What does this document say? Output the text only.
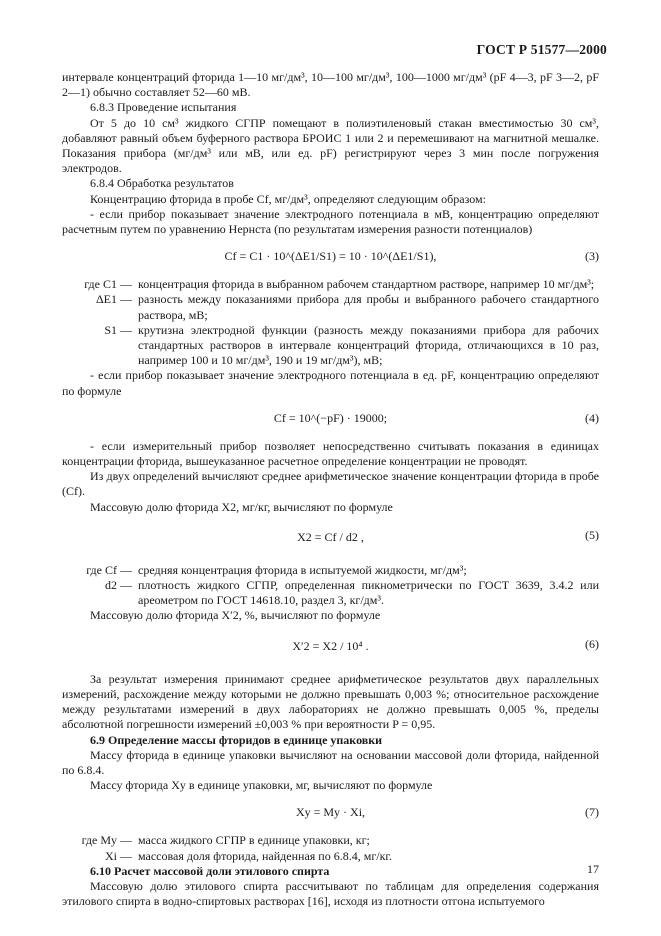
ГОСТ Р 51577—2000

интервале концентраций фторида 1—10 мг/дм³, 10—100 мг/дм³, 100—1000 мг/дм³ (pF 4—3, pF 3—2, pF 2—1) обычно составляет 52—60 мВ.

6.8.3 Проведение испытания

От 5 до 10 см³ жидкого СГПР помещают в полиэтиленовый стакан вместимостью 30 см³, добавляют равный объем буферного раствора БРОИС 1 или 2 и перемешивают на магнитной мешалке. Показания прибора (мг/дм³ или мВ, или ед. pF) регистрируют через 3 мин после погружения электродов.

6.8.4 Обработка результатов

Концентрацию фторида в пробе Cf, мг/дм³, определяют следующим образом:

- если прибор показывает значение электродного потенциала в мВ, концентрацию определяют расчетным путем по уравнению Нернста (по результатам измерения разности потенциалов)

Cf = C1 · 10^(ΔE1/S1) = 10 · 10^(ΔE1/S1),	(3)
где C1 — концентрация фторида в выбранном рабочем стандартном растворе, например 10 мг/дм³;
ΔE1 — разность между показаниями прибора для пробы и выбранного рабочего стандартного раствора, мВ;
S1 — крутизна электродной функции (разность между показаниями прибора для рабочих стандартных растворов в интервале концентраций фторида, отличающихся в 10 раз, например 100 и 10 мг/дм³, 190 и 19 мг/дм³), мВ;

- если прибор показывает значение электродного потенциала в ед. pF, концентрацию определяют по формуле

Cf = 10^(−pF) · 19000;	(4)

- если измерительный прибор позволяет непосредственно считывать показания в единицах концентрации фторида, вышеуказанное расчетное определение концентрации не проводят.

Из двух определений вычисляют среднее арифметическое значение концентрации фторида в пробе (Cf).

Массовую долю фторида X2, мг/кг, вычисляют по формуле

X2 = Cf / d2 ,	(5)
где Cf — средняя концентрация фторида в испытуемой жидкости, мг/дм³;
d2 — плотность жидкого СГПР, определенная пикнометрически по ГОСТ 3639, 3.4.2 или ареометром по ГОСТ 14618.10, раздел 3, кг/дм³.

Массовую долю фторида X′2, %, вычисляют по формуле

X′2 = X2 / 10⁴ .	(6)

За результат измерения принимают среднее арифметическое результатов двух параллельных измерений, расхождение между которыми не должно превышать 0,003 %; относительное расхождение между результатами измерений в двух лабораториях не должно превышать 0,005 %, пределы абсолютной погрешности измерений ±0,003 % при вероятности P = 0,95.

6.9 Определение массы фторидов в единице упаковки

Массу фторида в единице упаковки вычисляют на основании массовой доли фторида, найденной по 6.8.4.

Массу фторида Xy в единице упаковки, мг, вычисляют по формуле

Xy = My · Xi,	(7)
где My — масса жидкого СГПР в единице упаковки, кг;
Xi — массовая доля фторида, найденная по 6.8.4, мг/кг.

6.10 Расчет массовой доли этилового спирта

Массовую долю этилового спирта рассчитывают по таблицам для определения содержания этилового спирта в водно-спиртовых растворах [16], исходя из плотности отгона испытуемого

17
